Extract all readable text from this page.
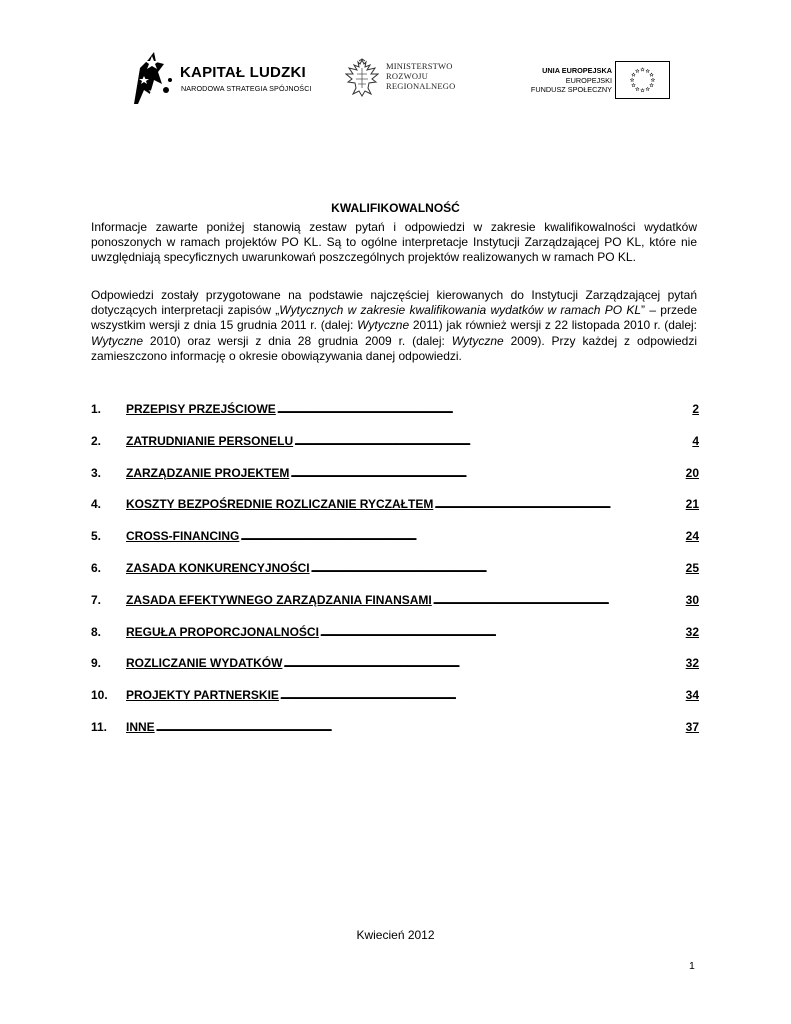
KAPITAŁ LUDZKI
NARODOWA STRATEGIA SPÓJNOŚCI
MINISTERSTWO
ROZWOJU
REGIONALNEGO
UNIA EUROPEJSKA
EUROPEJSKI
FUNDUSZ SPOŁECZNY
KWALIFIKOWALNOŚĆ
Informacje zawarte poniżej stanowią zestaw pytań i odpowiedzi w zakresie kwalifikowalności wydatków ponoszonych w ramach projektów PO KL. Są to ogólne interpretacje Instytucji Zarządzającej PO KL, które nie uwzględniają specyficznych uwarunkowań poszczególnych projektów realizowanych w ramach PO KL.
Odpowiedzi zostały przygotowane na podstawie najczęściej kierowanych do Instytucji Zarządzającej pytań dotyczących interpretacji zapisów „Wytycznych w zakresie kwalifikowania wydatków w ramach PO KL” – przede wszystkim wersji z dnia 15 grudnia 2011 r. (dalej: Wytyczne 2011) jak również wersji z 22 listopada 2010 r. (dalej: Wytyczne 2010) oraz wersji z dnia 28 grudnia 2009 r. (dalej: Wytyczne 2009). Przy każdej z odpowiedzi zamieszczono informację o okresie obowiązywania danej odpowiedzi.
1.	PRZEPISY PRZEJŚCIOWE . . .	2
2.	ZATRUDNIANIE PERSONELU . . .	4
3.	ZARZĄDZANIE PROJEKTEM . . .	20
4.	KOSZTY BEZPOŚREDNIE ROZLICZANIE RYCZAŁTEM . . .	21
5.	CROSS-FINANCING . . .	24
6.	ZASADA KONKURENCYJNOŚCI . . .	25
7.	ZASADA EFEKTYWNEGO ZARZĄDZANIA FINANSAMI . . .	30
8.	REGUŁA PROPORCJONALNOŚCI . . .	32
9.	ROZLICZANIE WYDATKÓW . . .	32
10.	PROJEKTY PARTNERSKIE . . .	34
11.	INNE . . .	37
Kwiecień 2012
1
